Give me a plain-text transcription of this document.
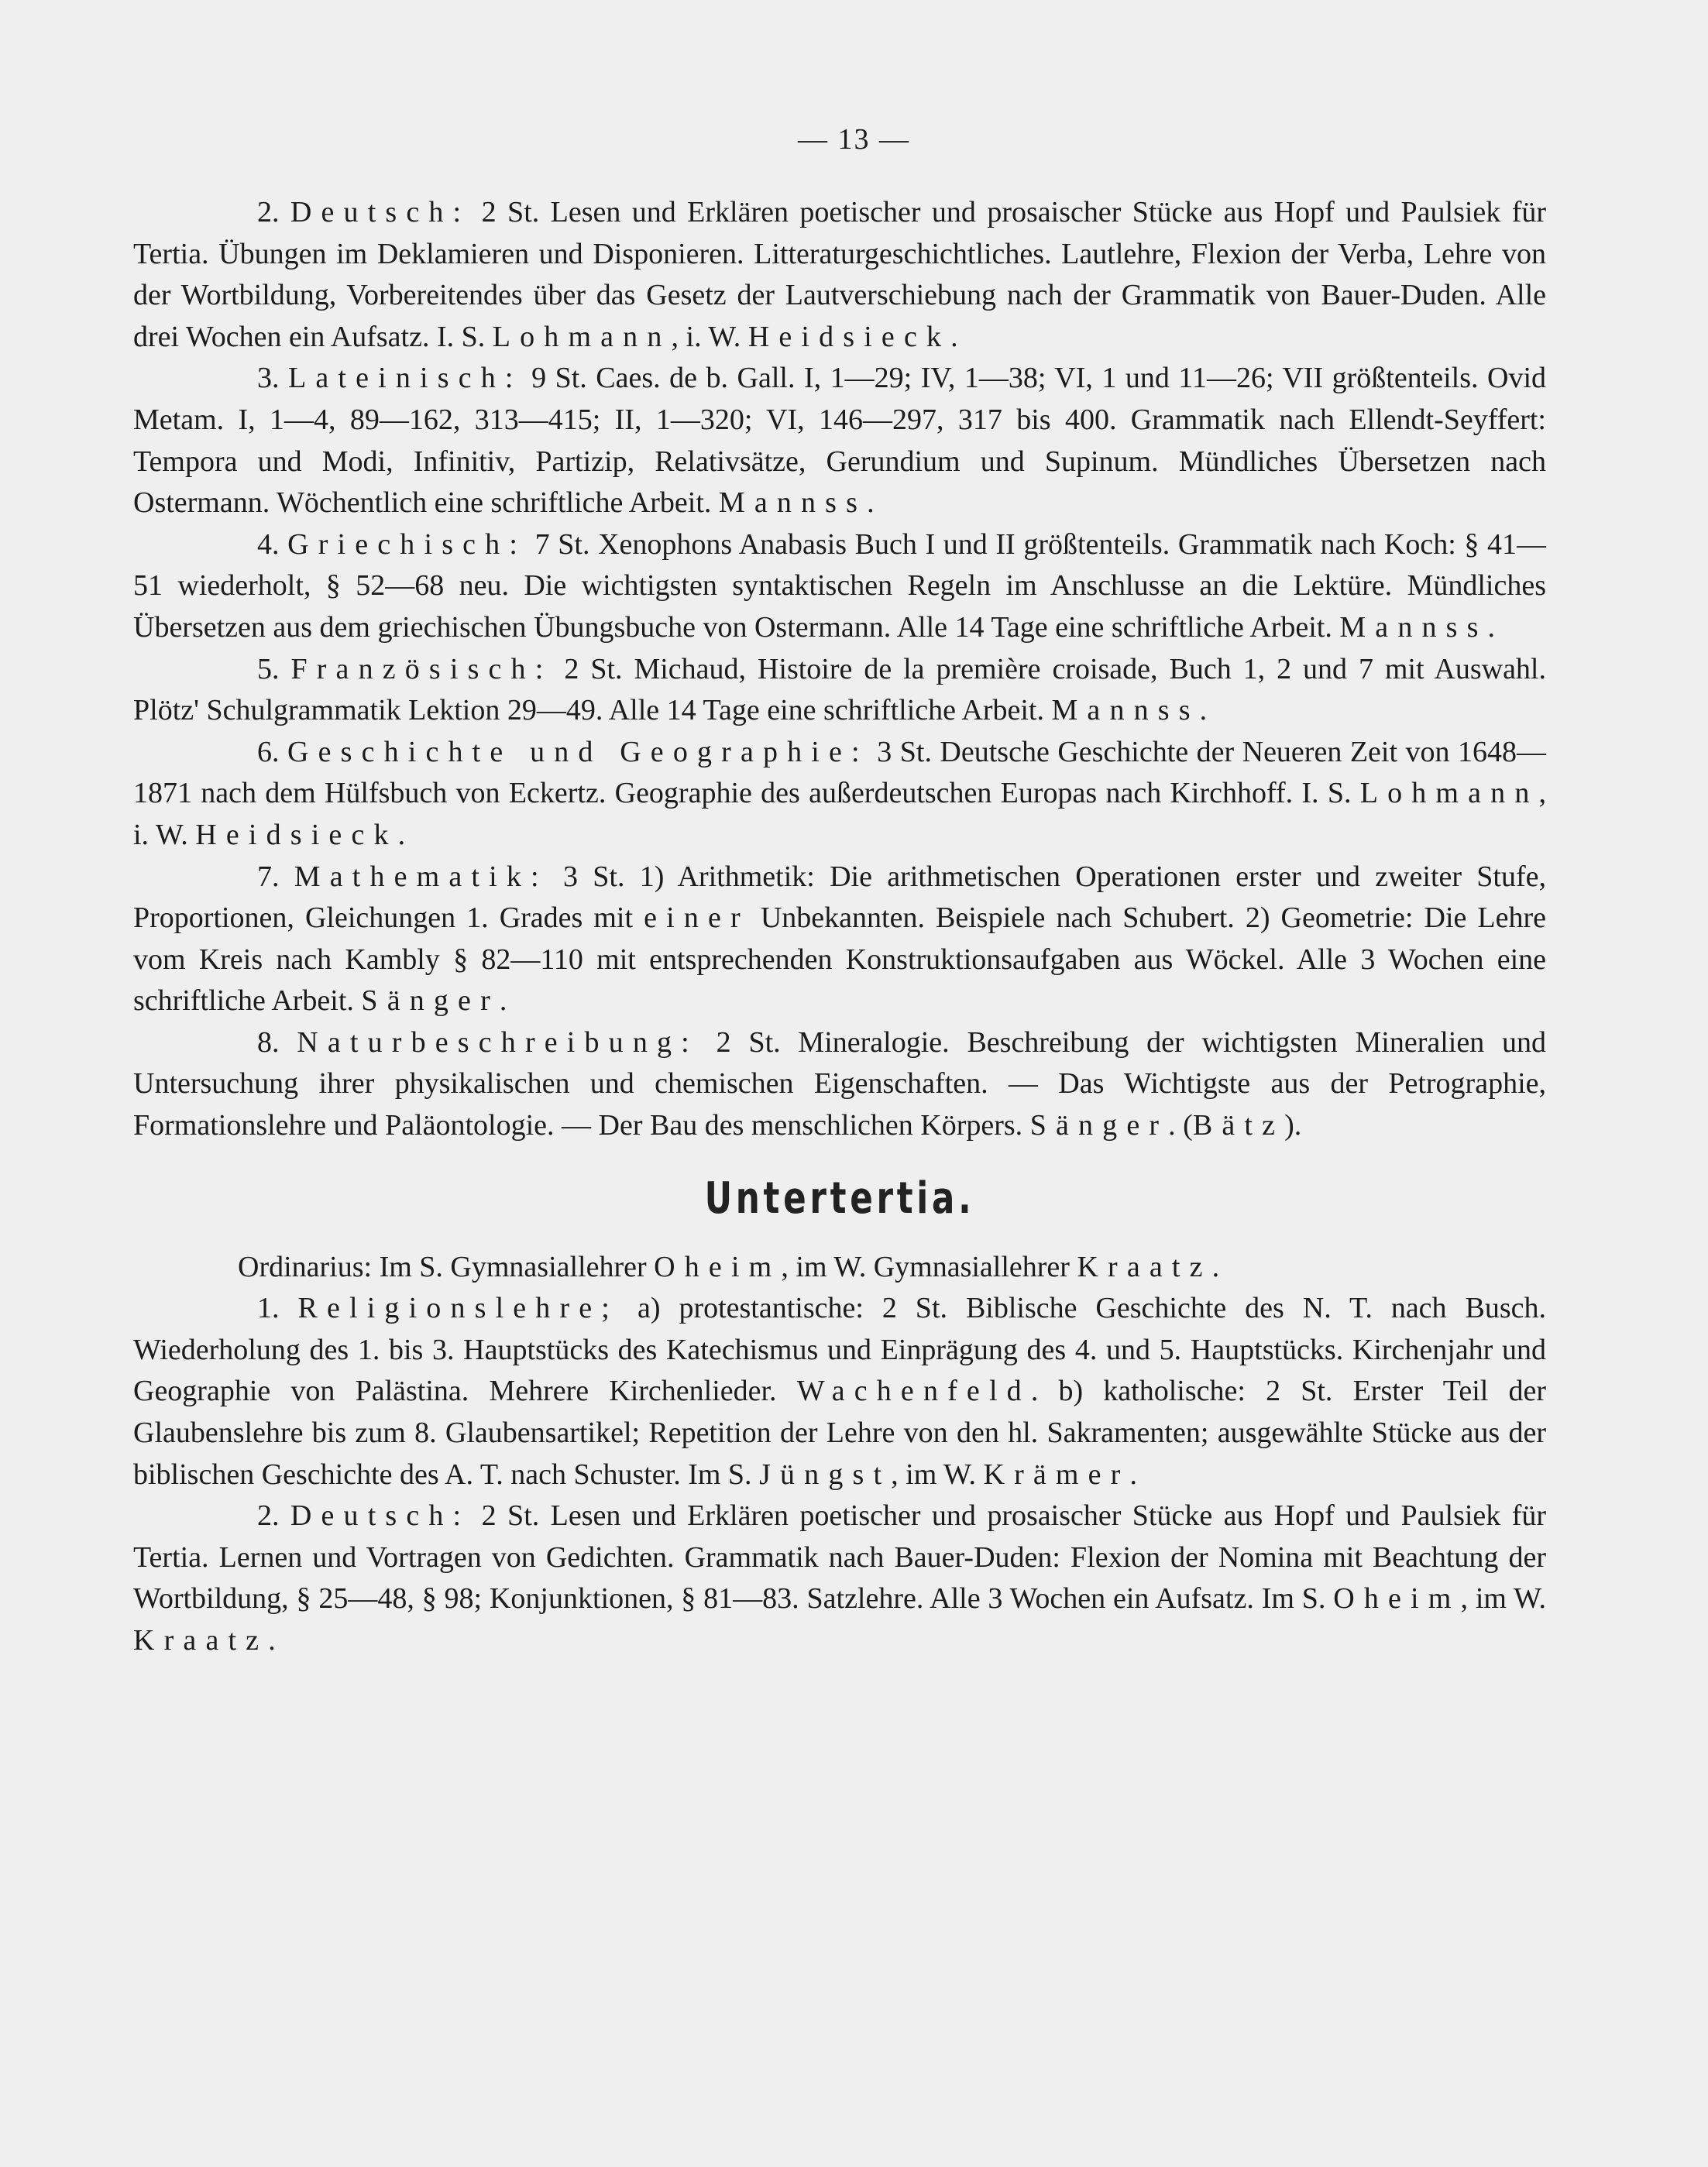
— 13 —

2. Deutsch: 2 St. Lesen und Erklären poetischer und prosaischer Stücke aus Hopf und Paulsiek für Tertia. Übungen im Deklamieren und Disponieren. Litteraturgeschichtliches. Lautlehre, Flexion der Verba, Lehre von der Wortbildung, Vorbereitendes über das Gesetz der Lautverschiebung nach der Grammatik von Bauer-Duden. Alle drei Wochen ein Aufsatz. I. S. Lohmann, i. W. Heidsieck.

3. Lateinisch: 9 St. Caes. de b. Gall. I, 1—29; IV, 1—38; VI, 1 und 11—26; VII größtenteils. Ovid Metam. I, 1—4, 89—162, 313—415; II, 1—320; VI, 146—297, 317 bis 400. Grammatik nach Ellendt-Seyffert: Tempora und Modi, Infinitiv, Partizip, Relativsätze, Gerundium und Supinum. Mündliches Übersetzen nach Ostermann. Wöchentlich eine schriftliche Arbeit. Mannss.

4. Griechisch: 7 St. Xenophons Anabasis Buch I und II größtenteils. Grammatik nach Koch: § 41—51 wiederholt, § 52—68 neu. Die wichtigsten syntaktischen Regeln im Anschlusse an die Lektüre. Mündliches Übersetzen aus dem griechischen Übungsbuche von Ostermann. Alle 14 Tage eine schriftliche Arbeit. Mannss.

5. Französisch: 2 St. Michaud, Histoire de la première croisade, Buch 1, 2 und 7 mit Auswahl. Plötz' Schulgrammatik Lektion 29—49. Alle 14 Tage eine schriftliche Arbeit. Mannss.

6. Geschichte und Geographie: 3 St. Deutsche Geschichte der Neueren Zeit von 1648—1871 nach dem Hülfsbuch von Eckertz. Geographie des außerdeutschen Europas nach Kirchhoff. I. S. Lohmann, i. W. Heidsieck.

7. Mathematik: 3 St. 1) Arithmetik: Die arithmetischen Operationen erster und zweiter Stufe, Proportionen, Gleichungen 1. Grades mit einer Unbekannten. Beispiele nach Schubert. 2) Geometrie: Die Lehre vom Kreis nach Kambly § 82—110 mit entsprechenden Konstruktionsaufgaben aus Wöckel. Alle 3 Wochen eine schriftliche Arbeit. Sänger.

8. Naturbeschreibung: 2 St. Mineralogie. Beschreibung der wichtigsten Mineralien und Untersuchung ihrer physikalischen und chemischen Eigenschaften. — Das Wichtigste aus der Petrographie, Formationslehre und Paläontologie. — Der Bau des menschlichen Körpers. Sänger. (Bätz).

Untertertia.

Ordinarius: Im S. Gymnasiallehrer Oheim, im W. Gymnasiallehrer Kraatz.

1. Religionslehre; a) protestantische: 2 St. Biblische Geschichte des N. T. nach Busch. Wiederholung des 1. bis 3. Hauptstücks des Katechismus und Einprägung des 4. und 5. Hauptstücks. Kirchenjahr und Geographie von Palästina. Mehrere Kirchenlieder. Wachenfeld. b) katholische: 2 St. Erster Teil der Glaubenslehre bis zum 8. Glaubensartikel; Repetition der Lehre von den hl. Sakramenten; ausgewählte Stücke aus der biblischen Geschichte des A. T. nach Schuster. Im S. Jüngst, im W. Krämer.

2. Deutsch: 2 St. Lesen und Erklären poetischer und prosaischer Stücke aus Hopf und Paulsiek für Tertia. Lernen und Vortragen von Gedichten. Grammatik nach Bauer-Duden: Flexion der Nomina mit Beachtung der Wortbildung, § 25—48, § 98; Konjunktionen, § 81—83. Satzlehre. Alle 3 Wochen ein Aufsatz. Im S. Oheim, im W. Kraatz.
